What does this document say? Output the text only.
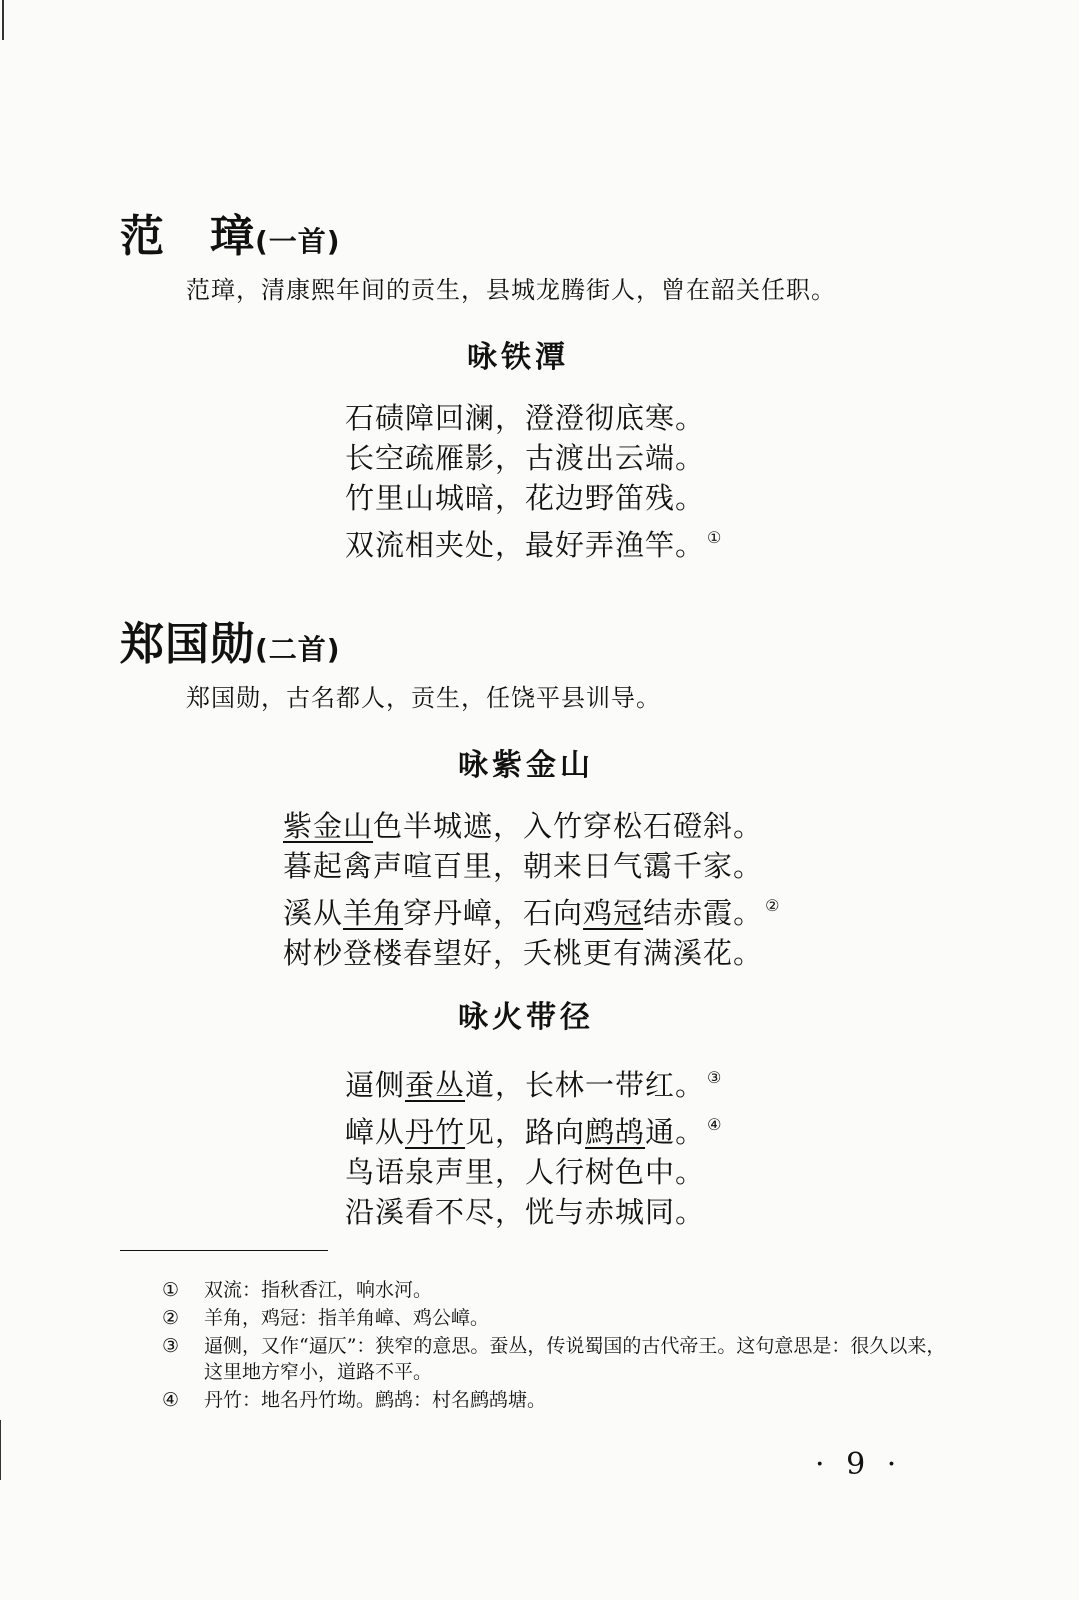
范　璋(一首)
范璋，清康熙年间的贡生，县城龙腾街人，曾在韶关任职。
咏铁潭
石碛障回澜，澄澄彻底寒。
长空疏雁影，古渡出云端。
竹里山城暗，花边野笛残。
双流相夹处，最好弄渔竿。 ①
郑国勋(二首)
郑国勋，古名都人，贡生，任饶平县训导。
咏紫金山
紫金山色半城遮，入竹穿松石磴斜。
暮起禽声喧百里，朝来日气霭千家。
溪从羊角穿丹嶂，石向鸡冠结赤霞。 ②
树杪登楼春望好，夭桃更有满溪花。
咏火带径
逼侧蚕丛道，长林一带红。 ③
嶂从丹竹见，路向鹧鸪通。 ④
鸟语泉声里，人行树色中。
沿溪看不尽，恍与赤城同。
① 双流：指秋香江，响水河。
② 羊角，鸡冠：指羊角嶂、鸡公嶂。
③ 逼侧，又作“逼仄”：狭窄的意思。蚕丛，传说蜀国的古代帝王。这句意思是：很久以来，这里地方窄小，道路不平。
④ 丹竹：地名丹竹坳。鹧鸪：村名鹧鸪塘。
· 9 ·
